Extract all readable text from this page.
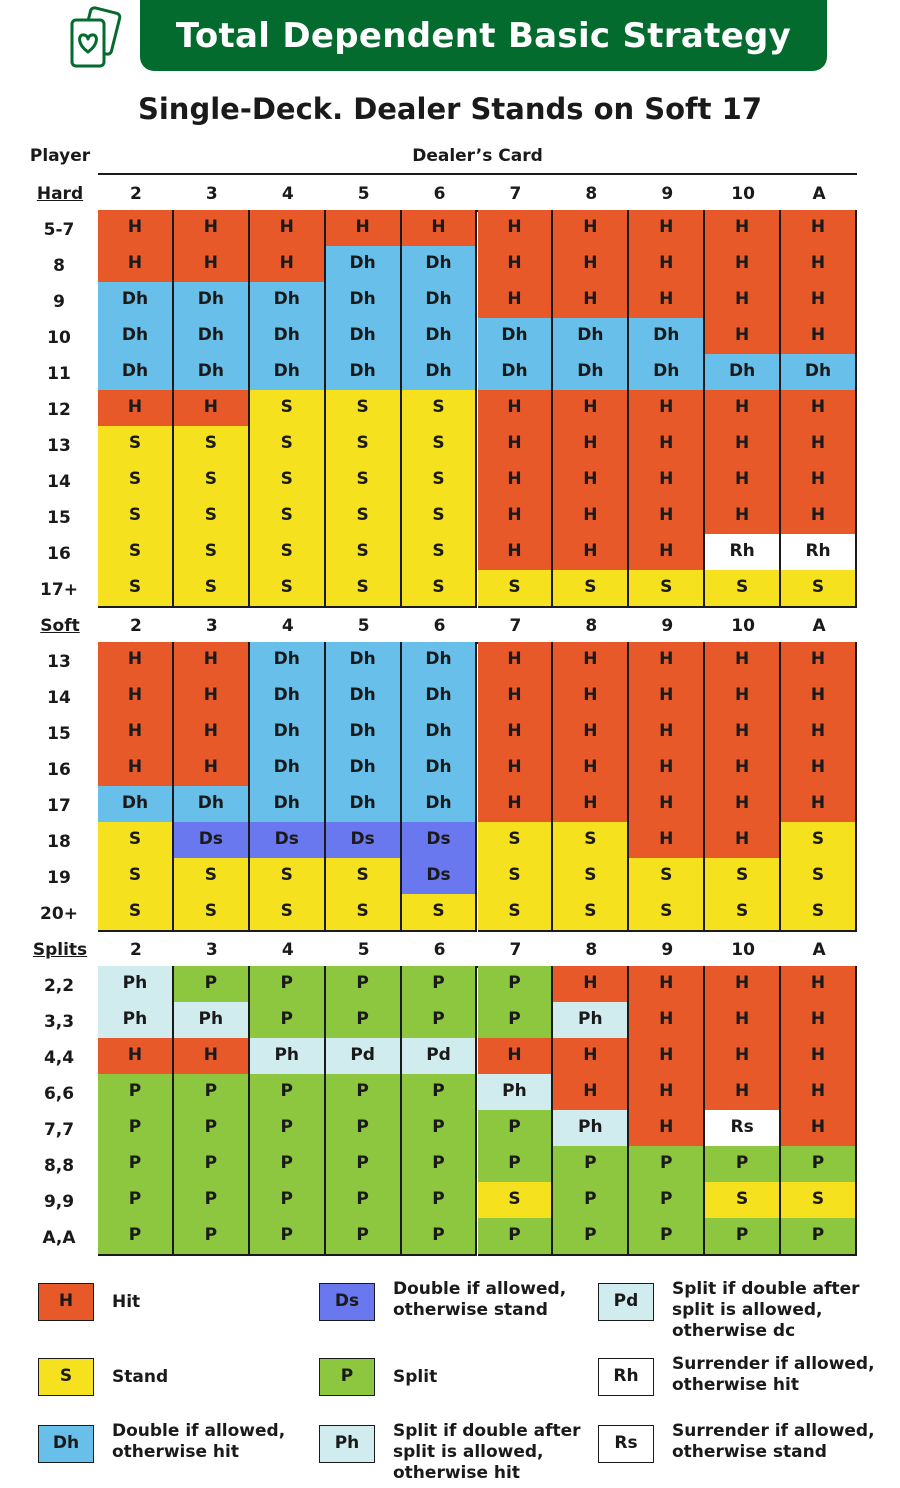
Total Dependent Basic Strategy
Single-Deck. Dealer Stands on Soft 17
Player	Dealer’s Card
Hard	2	3	4	5	6	7	8	9	10	A
5-7	H	H	H	H	H	H	H	H	H	H
8	H	H	H	Dh	Dh	H	H	H	H	H
9	Dh	Dh	Dh	Dh	Dh	H	H	H	H	H
10	Dh	Dh	Dh	Dh	Dh	Dh	Dh	Dh	H	H
11	Dh	Dh	Dh	Dh	Dh	Dh	Dh	Dh	Dh	Dh
12	H	H	S	S	S	H	H	H	H	H
13	S	S	S	S	S	H	H	H	H	H
14	S	S	S	S	S	H	H	H	H	H
15	S	S	S	S	S	H	H	H	H	H
16	S	S	S	S	S	H	H	H	Rh	Rh
17+	S	S	S	S	S	S	S	S	S	S
Soft	2	3	4	5	6	7	8	9	10	A
13	H	H	Dh	Dh	Dh	H	H	H	H	H
14	H	H	Dh	Dh	Dh	H	H	H	H	H
15	H	H	Dh	Dh	Dh	H	H	H	H	H
16	H	H	Dh	Dh	Dh	H	H	H	H	H
17	Dh	Dh	Dh	Dh	Dh	H	H	H	H	H
18	S	Ds	Ds	Ds	Ds	S	S	H	H	S
19	S	S	S	S	Ds	S	S	S	S	S
20+	S	S	S	S	S	S	S	S	S	S
Splits	2	3	4	5	6	7	8	9	10	A
2,2	Ph	P	P	P	P	P	H	H	H	H
3,3	Ph	Ph	P	P	P	P	Ph	H	H	H
4,4	H	H	Ph	Pd	Pd	H	H	H	H	H
6,6	P	P	P	P	P	Ph	H	H	H	H
7,7	P	P	P	P	P	P	Ph	H	Rs	H
8,8	P	P	P	P	P	P	P	P	P	P
9,9	P	P	P	P	P	S	P	P	S	S
A,A	P	P	P	P	P	P	P	P	P	P
H	Hit
S	Stand
Dh
Double if allowed,
otherwise hit
Ds
Double if allowed,
otherwise stand
P	Split
Ph
Split if double after
split is allowed,
otherwise hit
Pd
Split if double after
split is allowed,
otherwise dc
Rh
Surrender if allowed,
otherwise hit
Rs
Surrender if allowed,
otherwise stand
